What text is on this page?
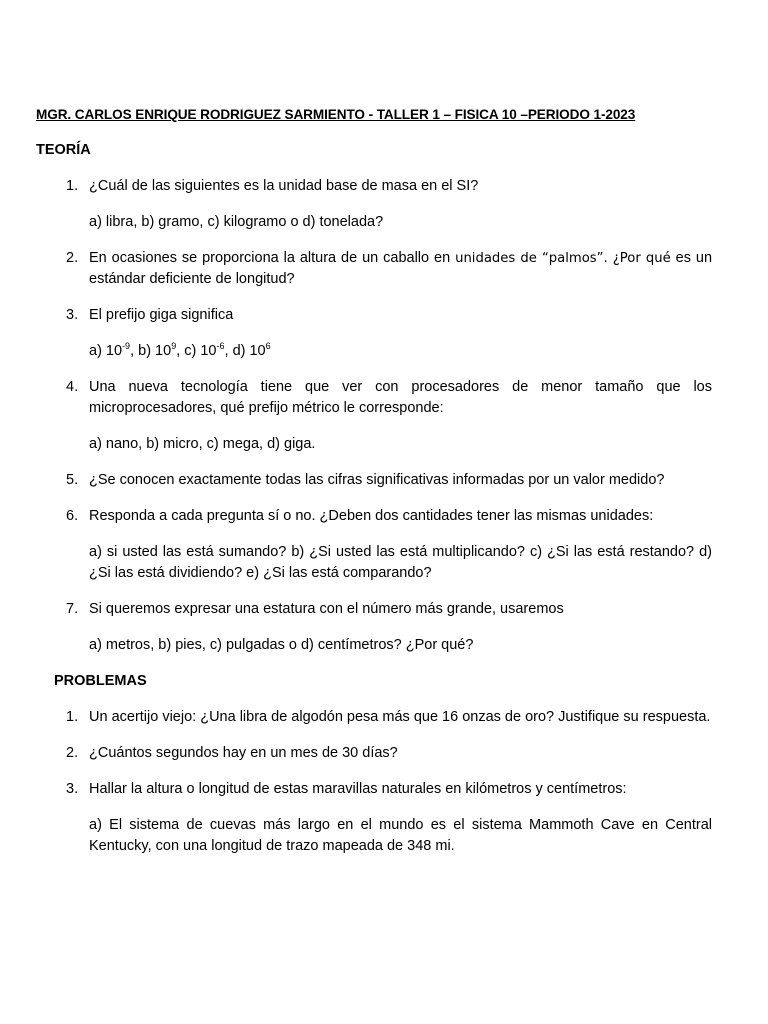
MGR. CARLOS ENRIQUE RODRIGUEZ SARMIENTO - TALLER 1 – FISICA 10 –PERIODO 1-2023
TEORÍA
1. ¿Cuál de las siguientes es la unidad base de masa en el SI?
a) libra, b) gramo, c) kilogramo o d) tonelada?
2. En ocasiones se proporciona la altura de un caballo en unidades de “palmos”. ¿Por qué es un estándar deficiente de longitud?
3. El prefijo giga significa
a) $10^{-9}$, b) $10^9$, c) $10^{-6}$, d) $10^6$
4. Una nueva tecnología tiene que ver con procesadores de menor tamaño que los microprocesadores, qué prefijo métrico le corresponde:
a) nano, b) micro, c) mega, d) giga.
5. ¿Se conocen exactamente todas las cifras significativas informadas por un valor medido?
6. Responda a cada pregunta sí o no. ¿Deben dos cantidades tener las mismas unidades:
a) si usted las está sumando? b) ¿Si usted las está multiplicando? c) ¿Si las está restando? d) ¿Si las está dividiendo? e) ¿Si las está comparando?
7. Si queremos expresar una estatura con el número más grande, usaremos
a) metros, b) pies, c) pulgadas o d) centímetros? ¿Por qué?
PROBLEMAS
1. Un acertijo viejo: ¿Una libra de algodón pesa más que 16 onzas de oro? Justifique su respuesta.
2. ¿Cuántos segundos hay en un mes de 30 días?
3. Hallar la altura o longitud de estas maravillas naturales en kilómetros y centímetros:
a) El sistema de cuevas más largo en el mundo es el sistema Mammoth Cave en Central Kentucky, con una longitud de trazo mapeada de 348 mi.
